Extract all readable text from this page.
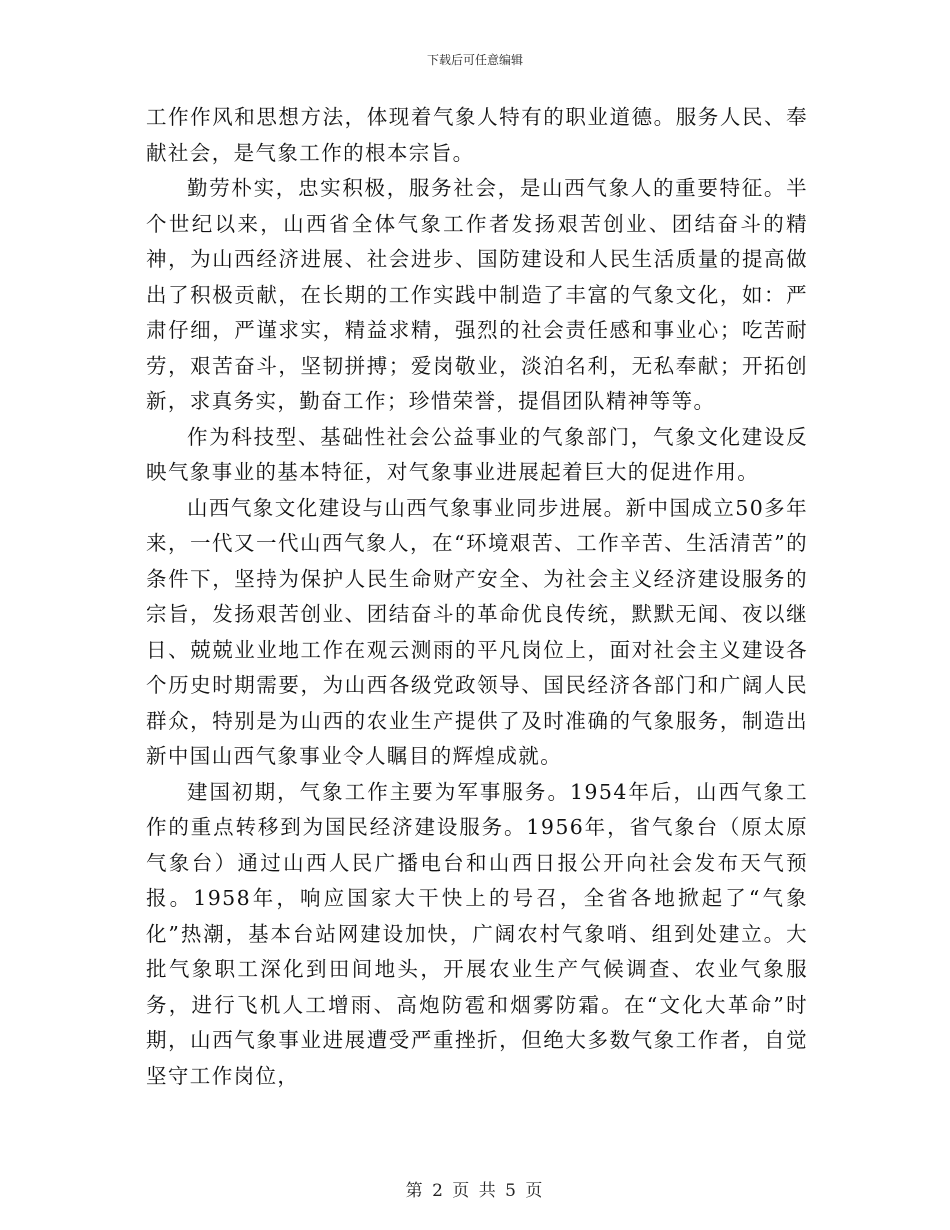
下载后可任意编辑

工作作风和思想方法，体现着气象人特有的职业道德。服务人民、奉献社会，是气象工作的根本宗旨。

勤劳朴实，忠实积极，服务社会，是山西气象人的重要特征。半个世纪以来，山西省全体气象工作者发扬艰苦创业、团结奋斗的精神，为山西经济进展、社会进步、国防建设和人民生活质量的提高做出了积极贡献，在长期的工作实践中制造了丰富的气象文化，如：严肃仔细，严谨求实，精益求精，强烈的社会责任感和事业心；吃苦耐劳，艰苦奋斗，坚韧拼搏；爱岗敬业，淡泊名利，无私奉献；开拓创新，求真务实，勤奋工作；珍惜荣誉，提倡团队精神等等。

作为科技型、基础性社会公益事业的气象部门，气象文化建设反映气象事业的基本特征，对气象事业进展起着巨大的促进作用。

山西气象文化建设与山西气象事业同步进展。新中国成立50多年来，一代又一代山西气象人，在“环境艰苦、工作辛苦、生活清苦”的条件下，坚持为保护人民生命财产安全、为社会主义经济建设服务的宗旨，发扬艰苦创业、团结奋斗的革命优良传统，默默无闻、夜以继日、兢兢业业地工作在观云测雨的平凡岗位上，面对社会主义建设各个历史时期需要，为山西各级党政领导、国民经济各部门和广阔人民群众，特别是为山西的农业生产提供了及时准确的气象服务，制造出新中国山西气象事业令人瞩目的辉煌成就。

建国初期，气象工作主要为军事服务。1954年后，山西气象工作的重点转移到为国民经济建设服务。1956年，省气象台（原太原气象台）通过山西人民广播电台和山西日报公开向社会发布天气预报。1958年，响应国家大干快上的号召，全省各地掀起了“气象化”热潮，基本台站网建设加快，广阔农村气象哨、组到处建立。大批气象职工深化到田间地头，开展农业生产气候调查、农业气象服务，进行飞机人工增雨、高炮防雹和烟雾防霜。在“文化大革命”时期，山西气象事业进展遭受严重挫折，但绝大多数气象工作者，自觉坚守工作岗位，

第 2 页 共 5 页
